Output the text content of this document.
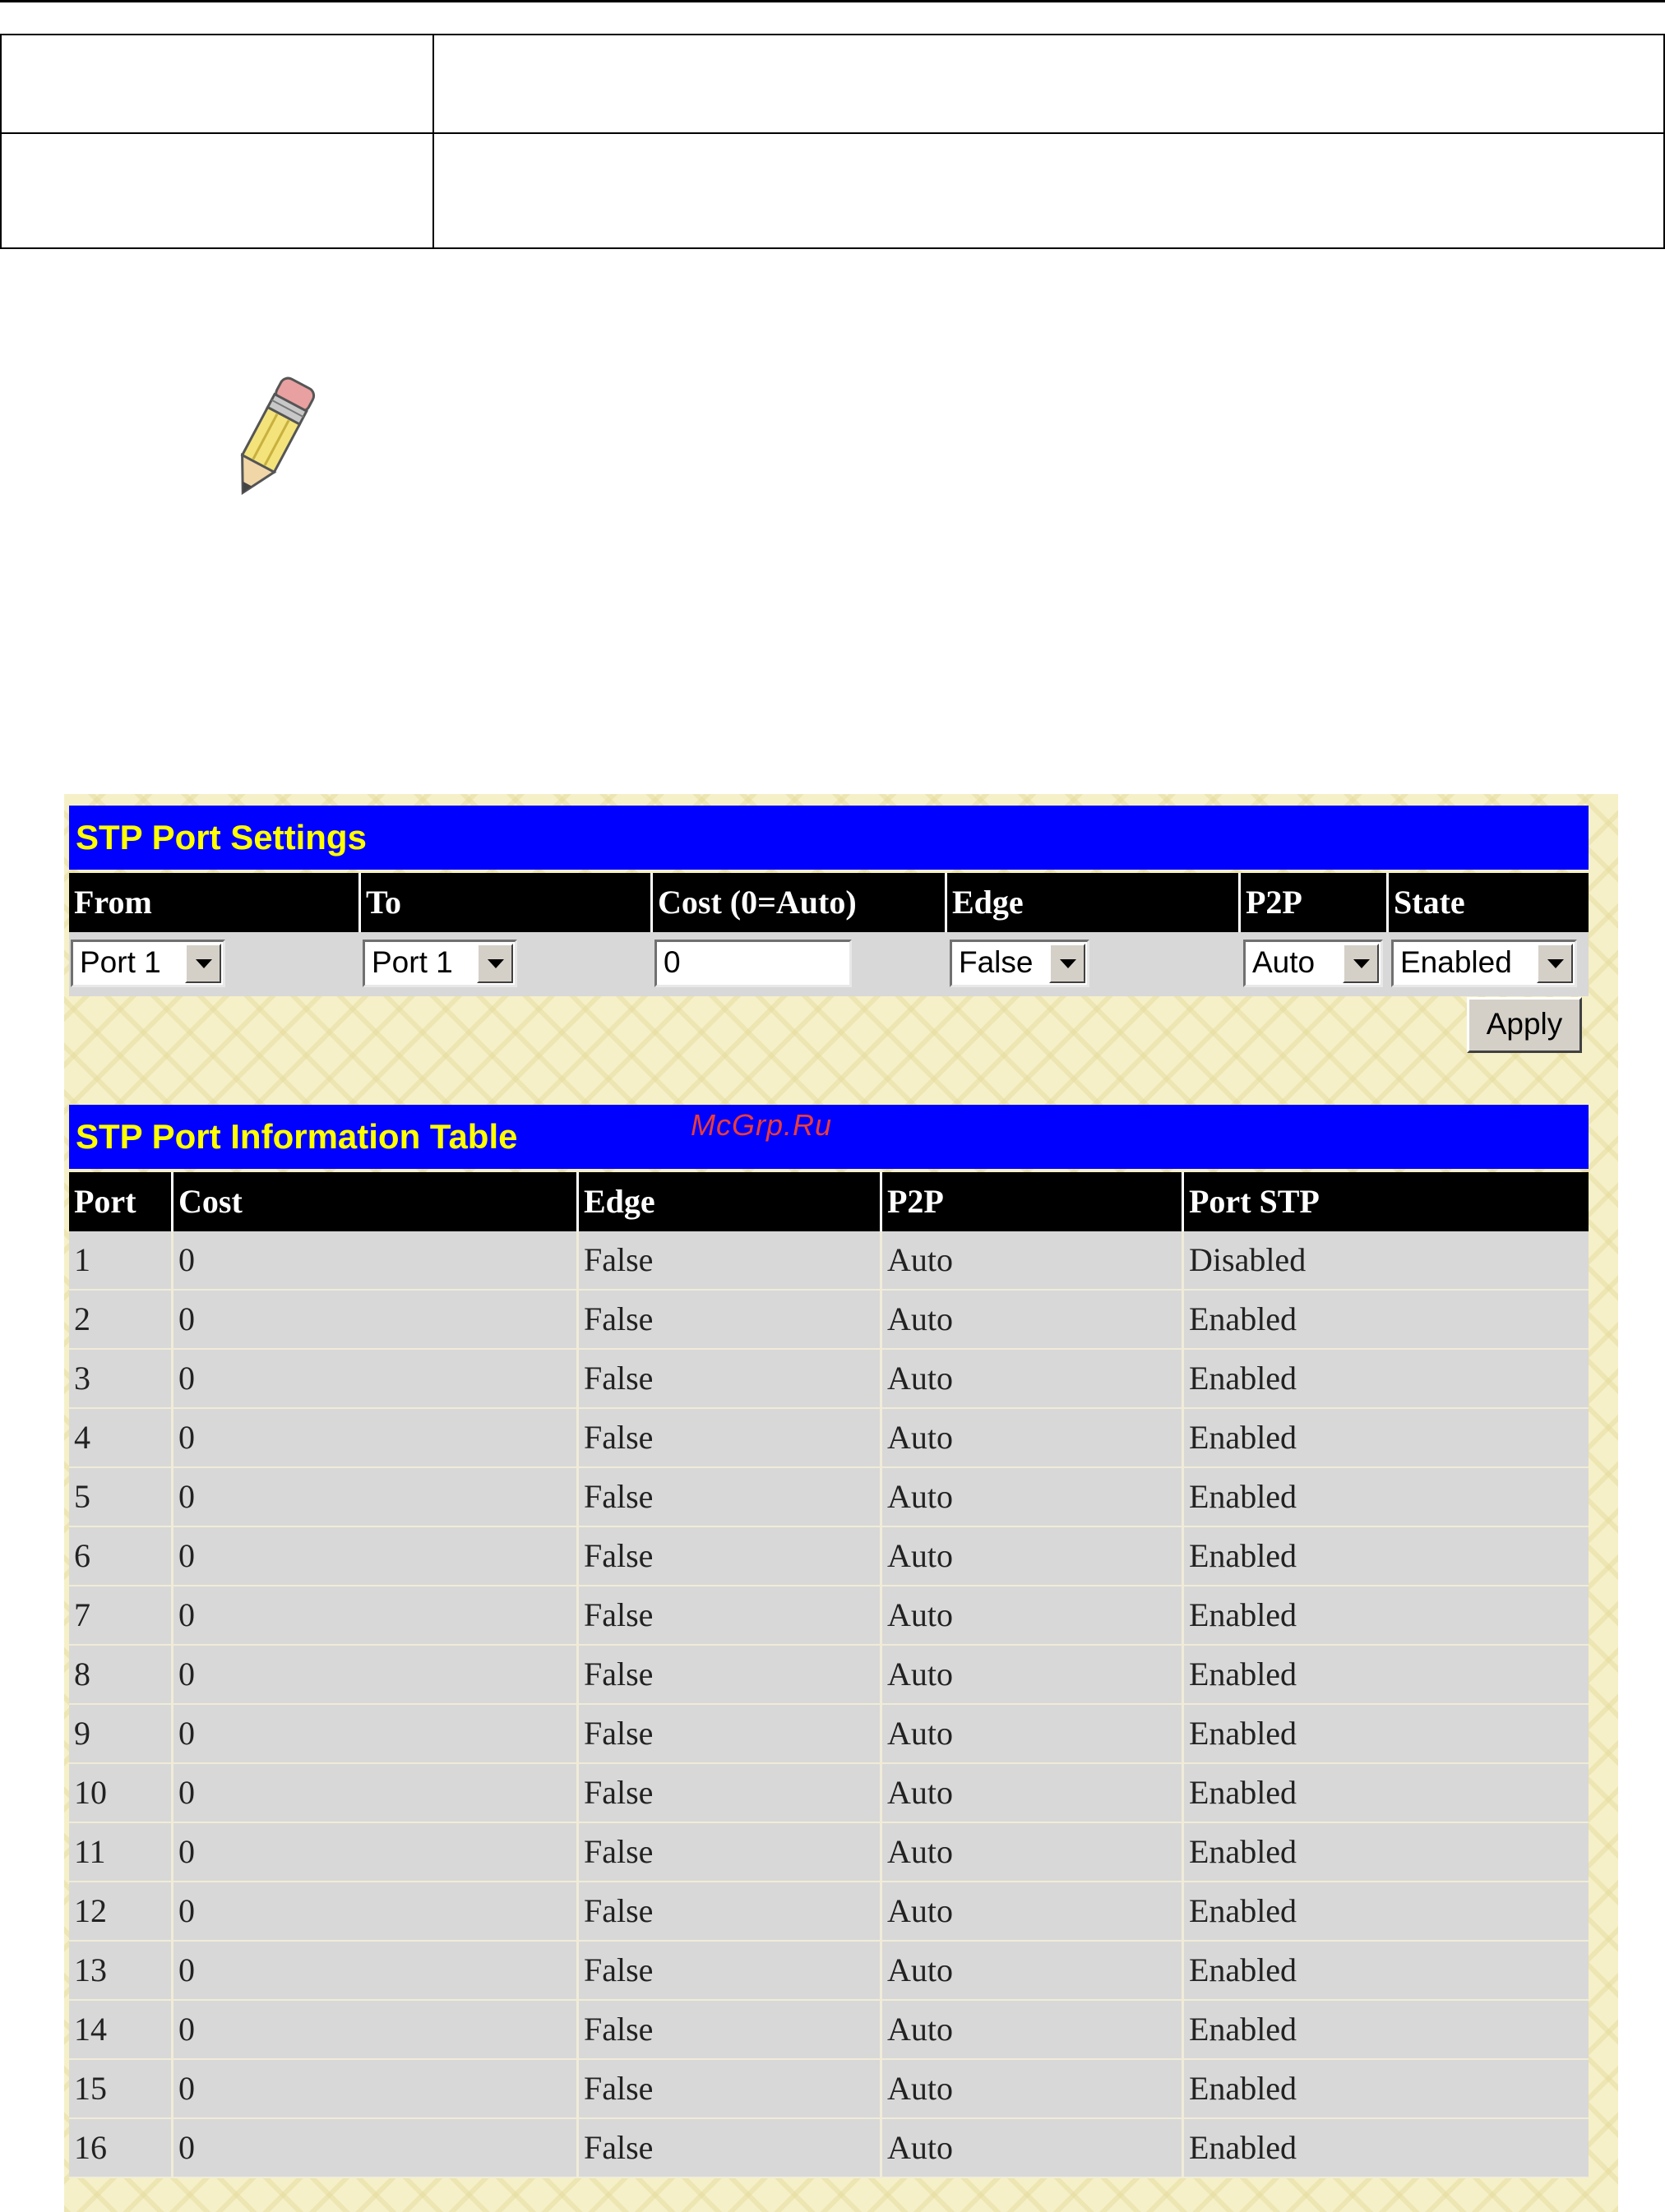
STP Port Settings
From	To	Cost (0=Auto)	Edge	P2P	State
Port 1	Port 1	0	False	Auto	Enabled
Apply
STP Port Information Table
Port	Cost	Edge	P2P	Port STP
1	0	False	Auto	Disabled
2	0	False	Auto	Enabled
3	0	False	Auto	Enabled
4	0	False	Auto	Enabled
5	0	False	Auto	Enabled
6	0	False	Auto	Enabled
7	0	False	Auto	Enabled
8	0	False	Auto	Enabled
9	0	False	Auto	Enabled
10	0	False	Auto	Enabled
11	0	False	Auto	Enabled
12	0	False	Auto	Enabled
13	0	False	Auto	Enabled
14	0	False	Auto	Enabled
15	0	False	Auto	Enabled
16	0	False	Auto	Enabled
McGrp.Ru
